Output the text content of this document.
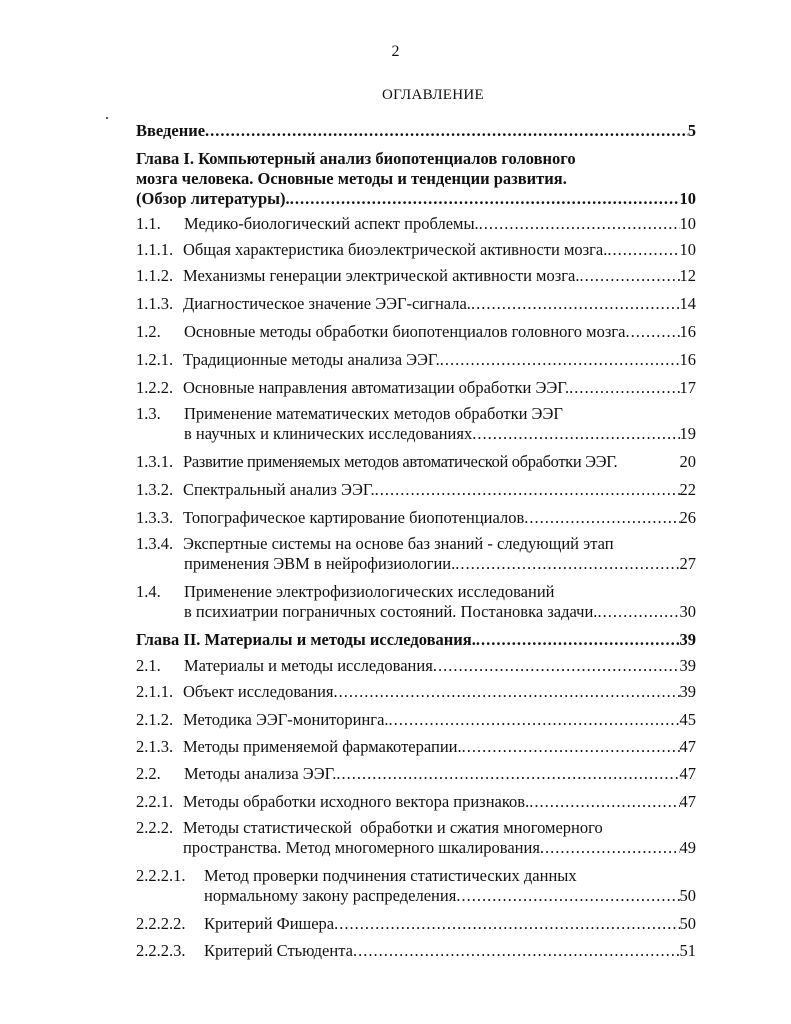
2
ОГЛАВЛЕНИЕ
Введение .....	5
Глава I. Компьютерный анализ биопотенциалов головного
мозга человека. Основные методы и тенденции развития.
(Обзор литературы). .....	10
1.1.	Медико-биологический аспект проблемы. .....	10
1.1.1. Общая характеристика биоэлектрической активности мозга. .....	10
1.1.2. Механизмы генерации электрической активности мозга. .....	12
1.1.3. Диагностическое значение ЭЭГ-сигнала. .....	14
1.2.	Основные методы обработки биопотенциалов головного мозга .....	16
1.2.1. Традиционные методы анализа ЭЭГ. .....	16
1.2.2. Основные направления автоматизации обработки ЭЭГ. .....	17
1.3.	Применение математических методов обработки ЭЭГ
в научных и клинических исследованиях .....	19
1.3.1. Развитие применяемых методов автоматической обработки ЭЭГ.	20
1.3.2. Спектральный анализ ЭЭГ. .....	22
1.3.3. Топографическое картирование биопотенциалов .....	26
1.3.4. Экспертные системы на основе баз знаний - следующий этап
применения ЭВМ в нейрофизиологии. .....	27
1.4.	Применение электрофизиологических исследований
в психиатрии пограничных состояний. Постановка задачи. .....	30
Глава II. Материалы и методы исследования. .....	39
2.1.	Материалы и методы исследования .....	39
2.1.1. Объект исследования .....	39
2.1.2. Методика ЭЭГ-мониторинга. .....	45
2.1.3. Методы применяемой фармакотерапии. .....	47
2.2.	Методы анализа ЭЭГ. .....	47
2.2.1. Методы обработки исходного вектора признаков. .....	47
2.2.2. Методы статистической  обработки и сжатия многомерного
пространства. Метод многомерного шкалирования .....	49
2.2.2.1.	Метод проверки подчинения статистических данных
нормальному закону распределения .....	50
2.2.2.2.	Критерий Фишера .....	50
2.2.2.3.	Критерий Стьюдента .....	51
